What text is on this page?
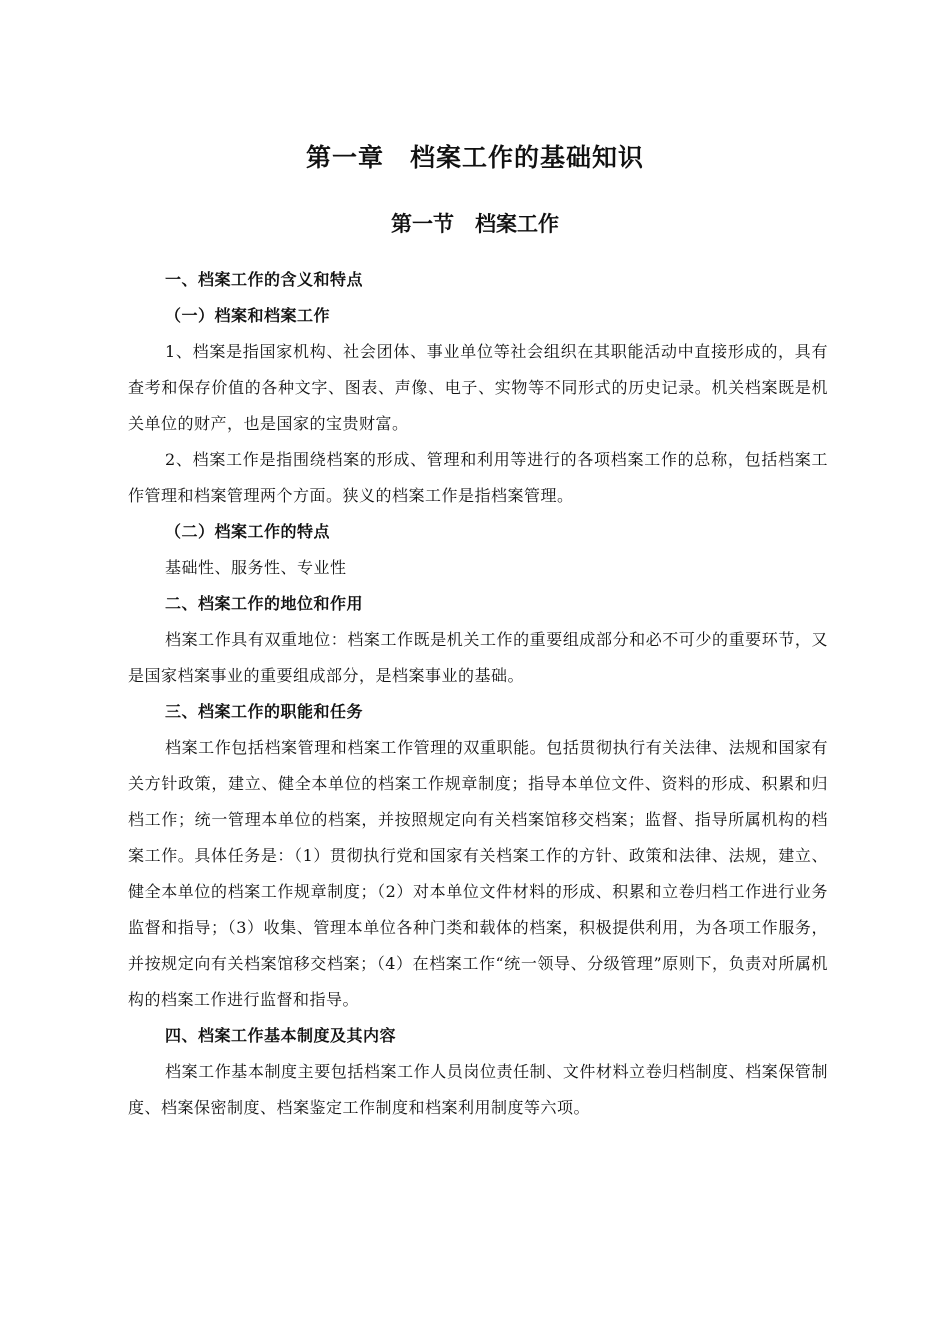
第一章　档案工作的基础知识
第一节　档案工作

一、档案工作的含义和特点

（一）档案和档案工作

1、档案是指国家机构、社会团体、事业单位等社会组织在其职能活动中直接形成的，具有查考和保存价值的各种文字、图表、声像、电子、实物等不同形式的历史记录。机关档案既是机关单位的财产，也是国家的宝贵财富。

2、档案工作是指围绕档案的形成、管理和利用等进行的各项档案工作的总称，包括档案工作管理和档案管理两个方面。狭义的档案工作是指档案管理。

（二）档案工作的特点

基础性、服务性、专业性

二、档案工作的地位和作用

档案工作具有双重地位：档案工作既是机关工作的重要组成部分和必不可少的重要环节，又是国家档案事业的重要组成部分，是档案事业的基础。

三、档案工作的职能和任务

档案工作包括档案管理和档案工作管理的双重职能。包括贯彻执行有关法律、法规和国家有关方针政策，建立、健全本单位的档案工作规章制度；指导本单位文件、资料的形成、积累和归档工作；统一管理本单位的档案，并按照规定向有关档案馆移交档案；监督、指导所属机构的档案工作。具体任务是：（1）贯彻执行党和国家有关档案工作的方针、政策和法律、法规，建立、健全本单位的档案工作规章制度；（2）对本单位文件材料的形成、积累和立卷归档工作进行业务监督和指导；（3）收集、管理本单位各种门类和载体的档案，积极提供利用，为各项工作服务，并按规定向有关档案馆移交档案；（4）在档案工作“统一领导、分级管理”原则下，负责对所属机构的档案工作进行监督和指导。

四、档案工作基本制度及其内容

档案工作基本制度主要包括档案工作人员岗位责任制、文件材料立卷归档制度、档案保管制度、档案保密制度、档案鉴定工作制度和档案利用制度等六项。
